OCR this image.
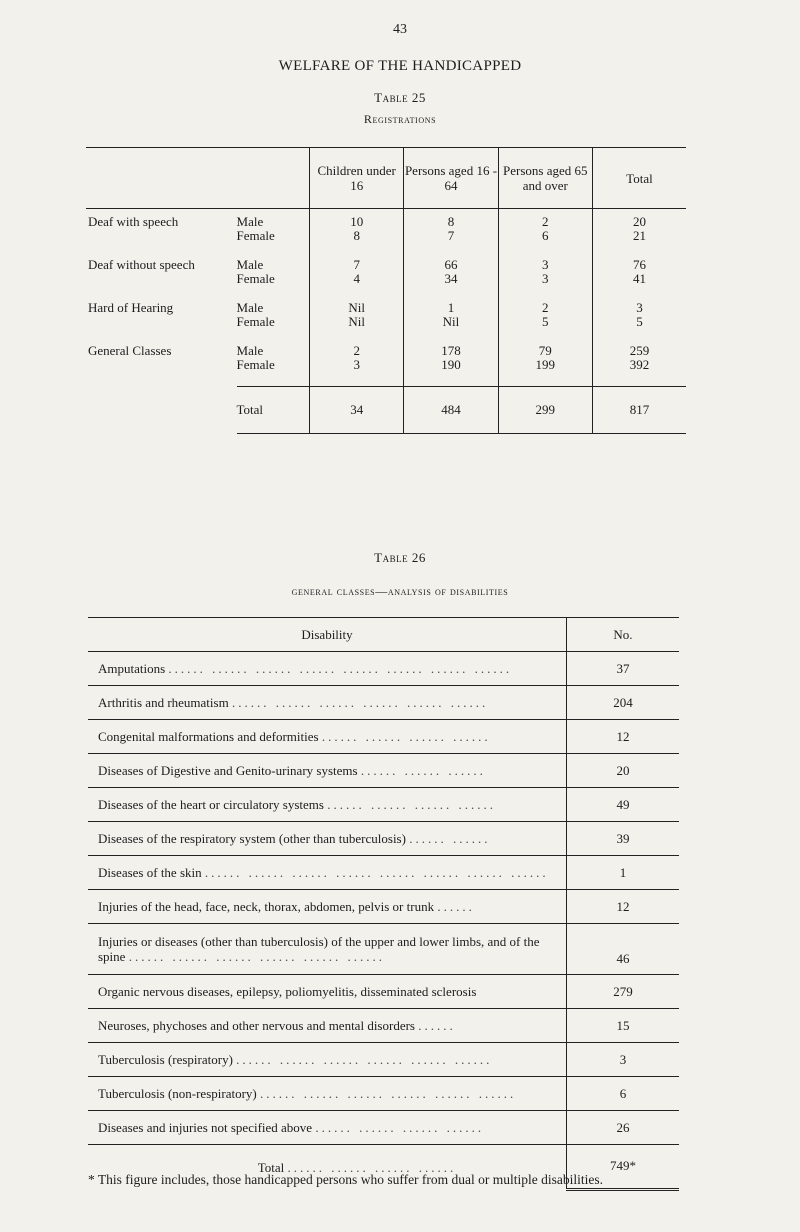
43
WELFARE OF THE HANDICAPPED
Table 25
Registrations
		Children under 16	Persons aged 16 - 64	Persons aged 65 and over	Total
Deaf with speech	Male	10	8	2	20
	Female	8	7	6	21
Deaf without speech	Male	7	66	3	76
	Female	4	34	3	41
Hard of Hearing	Male	Nil	1	2	3
	Female	Nil	Nil	5	5
General Classes	Male	2	178	79	259
	Female	3	190	199	392
	Total	34	484	299	817
Table 26
general classes—analysis of disabilities
Disability	No.
Amputations ...... ...... ...... ...... ...... ...... ...... ......	37
Arthritis and rheumatism ...... ...... ...... ...... ...... ......	204
Congenital malformations and deformities ...... ...... ...... ......	12
Diseases of Digestive and Genito-urinary systems ...... ...... ......	20
Diseases of the heart or circulatory systems ...... ...... ...... ......	49
Diseases of the respiratory system (other than tuberculosis) ...... ......	39
Diseases of the skin ...... ...... ...... ...... ...... ...... ...... ......	1
Injuries of the head, face, neck, thorax, abdomen, pelvis or trunk ......	12
Injuries or diseases (other than tuberculosis) of the upper and lower limbs, and of the spine ...... ...... ...... ...... ...... ......	46
Organic nervous diseases, epilepsy, poliomyelitis, disseminated sclerosis	279
Neuroses, phychoses and other nervous and mental disorders ......	15
Tuberculosis (respiratory) ...... ...... ...... ...... ...... ......	3
Tuberculosis (non-respiratory) ...... ...... ...... ...... ...... ......	6
Diseases and injuries not specified above ...... ...... ...... ......	26
Total ...... ...... ...... ......	749*
* This figure includes, those handicapped persons who suffer from dual or multiple disabilities.
